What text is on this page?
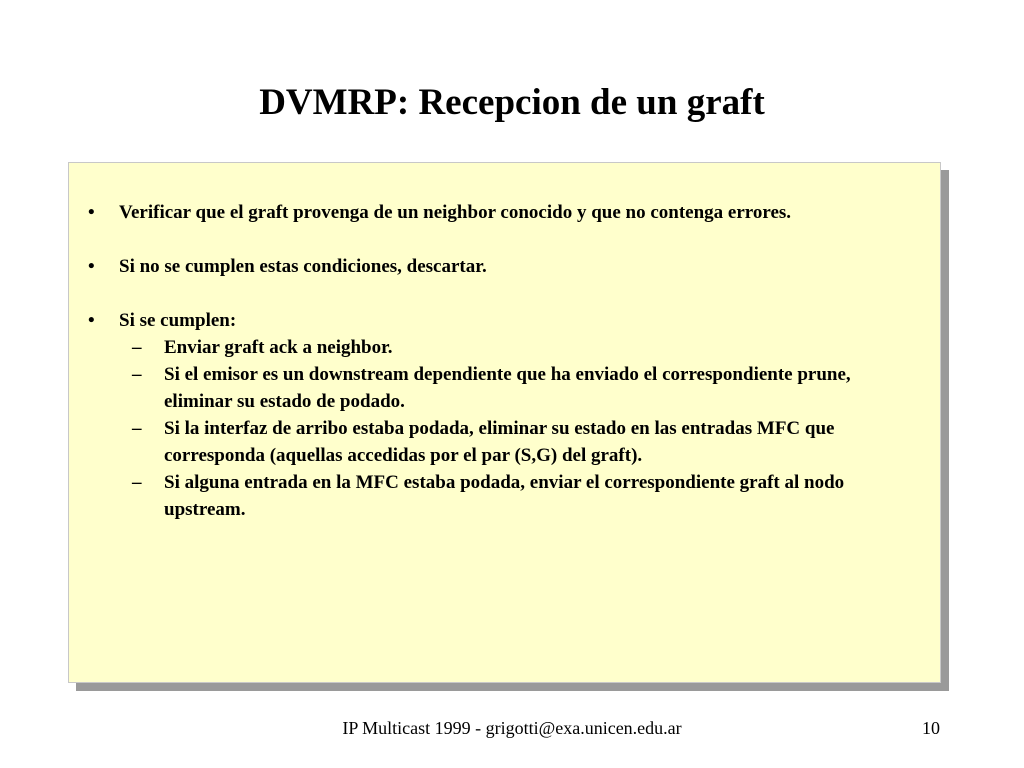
DVMRP: Recepcion de un graft
• Verificar que el graft provenga de un neighbor conocido y que no contenga errores.
• Si no se cumplen estas condiciones, descartar.
• Si se cumplen:
– Enviar graft ack a neighbor.
– Si el emisor es un downstream dependiente que ha enviado el correspondiente prune, eliminar su estado de podado.
– Si la interfaz de arribo estaba podada, eliminar su estado en las entradas MFC que corresponda (aquellas accedidas por el par (S,G) del graft).
– Si alguna entrada en la MFC estaba podada, enviar el correspondiente graft al nodo upstream.
IP Multicast 1999 - grigotti@exa.unicen.edu.ar	10
